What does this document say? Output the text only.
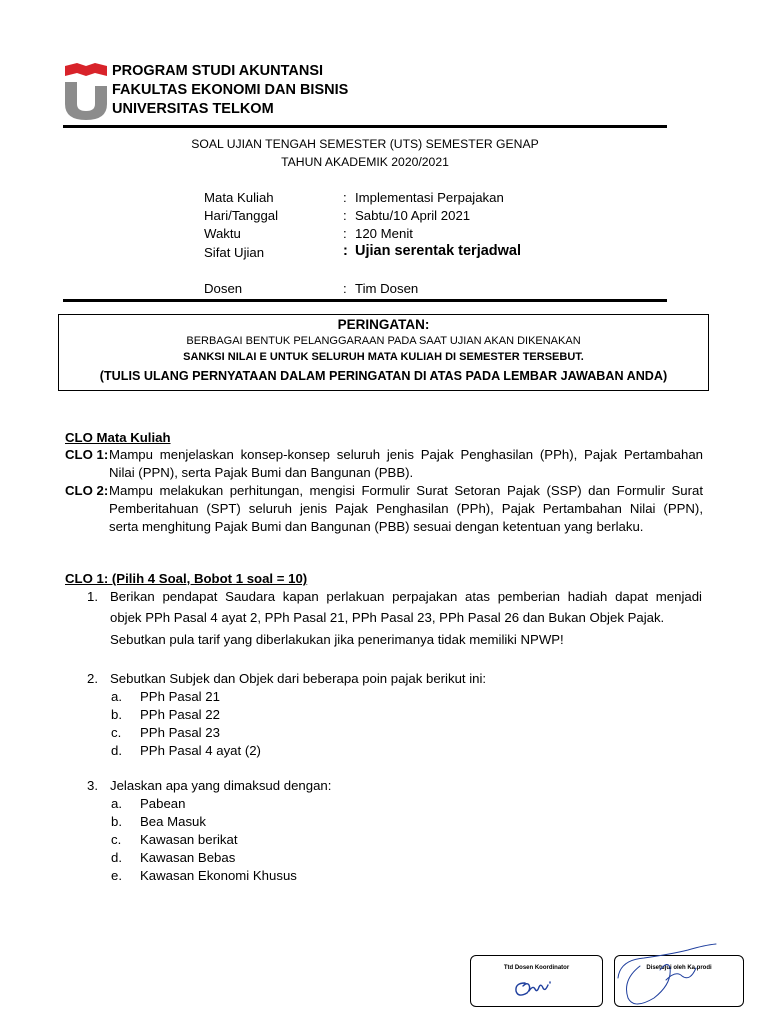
PROGRAM STUDI AKUNTANSI
FAKULTAS EKONOMI DAN BISNIS
UNIVERSITAS TELKOM
SOAL UJIAN TENGAH SEMESTER (UTS) SEMESTER GENAP
TAHUN AKADEMIK 2020/2021
Mata Kuliah	: Implementasi Perpajakan
Hari/Tanggal	: Sabtu/10 April 2021
Waktu	: 120 Menit
Sifat Ujian	: Ujian serentak terjadwal
Dosen	: Tim Dosen
PERINGATAN:
BERBAGAI BENTUK PELANGGARAAN PADA SAAT UJIAN AKAN DIKENAKAN
SANKSI NILAI E UNTUK SELURUH MATA KULIAH DI SEMESTER TERSEBUT.
(TULIS ULANG PERNYATAAN DALAM PERINGATAN DI ATAS PADA LEMBAR JAWABAN ANDA)
CLO Mata Kuliah
CLO 1: Mampu menjelaskan konsep-konsep seluruh jenis Pajak Penghasilan (PPh), Pajak Pertambahan
Nilai (PPN), serta Pajak Bumi dan Bangunan (PBB).
CLO 2: Mampu melakukan perhitungan, mengisi Formulir Surat Setoran Pajak (SSP) dan Formulir Surat
Pemberitahuan (SPT) seluruh jenis Pajak Penghasilan (PPh), Pajak Pertambahan Nilai (PPN),
serta menghitung Pajak Bumi dan Bangunan (PBB) sesuai dengan ketentuan yang berlaku.
CLO 1: (Pilih 4 Soal, Bobot 1 soal = 10)
1. Berikan pendapat Saudara kapan perlakuan perpajakan atas pemberian hadiah dapat menjadi
objek PPh Pasal 4 ayat 2, PPh Pasal 21, PPh Pasal 23, PPh Pasal 26 dan Bukan Objek Pajak.
Sebutkan pula tarif yang diberlakukan jika penerimanya tidak memiliki NPWP!
2. Sebutkan Subjek dan Objek dari beberapa poin pajak berikut ini:
a. PPh Pasal 21
b. PPh Pasal 22
c. PPh Pasal 23
d. PPh Pasal 4 ayat (2)
3. Jelaskan apa yang dimaksud dengan:
a. Pabean
b. Bea Masuk
c. Kawasan berikat
d. Kawasan Bebas
e. Kawasan Ekonomi Khusus
Ttd Dosen Koordinator	Disetujui oleh Ka.prodi
